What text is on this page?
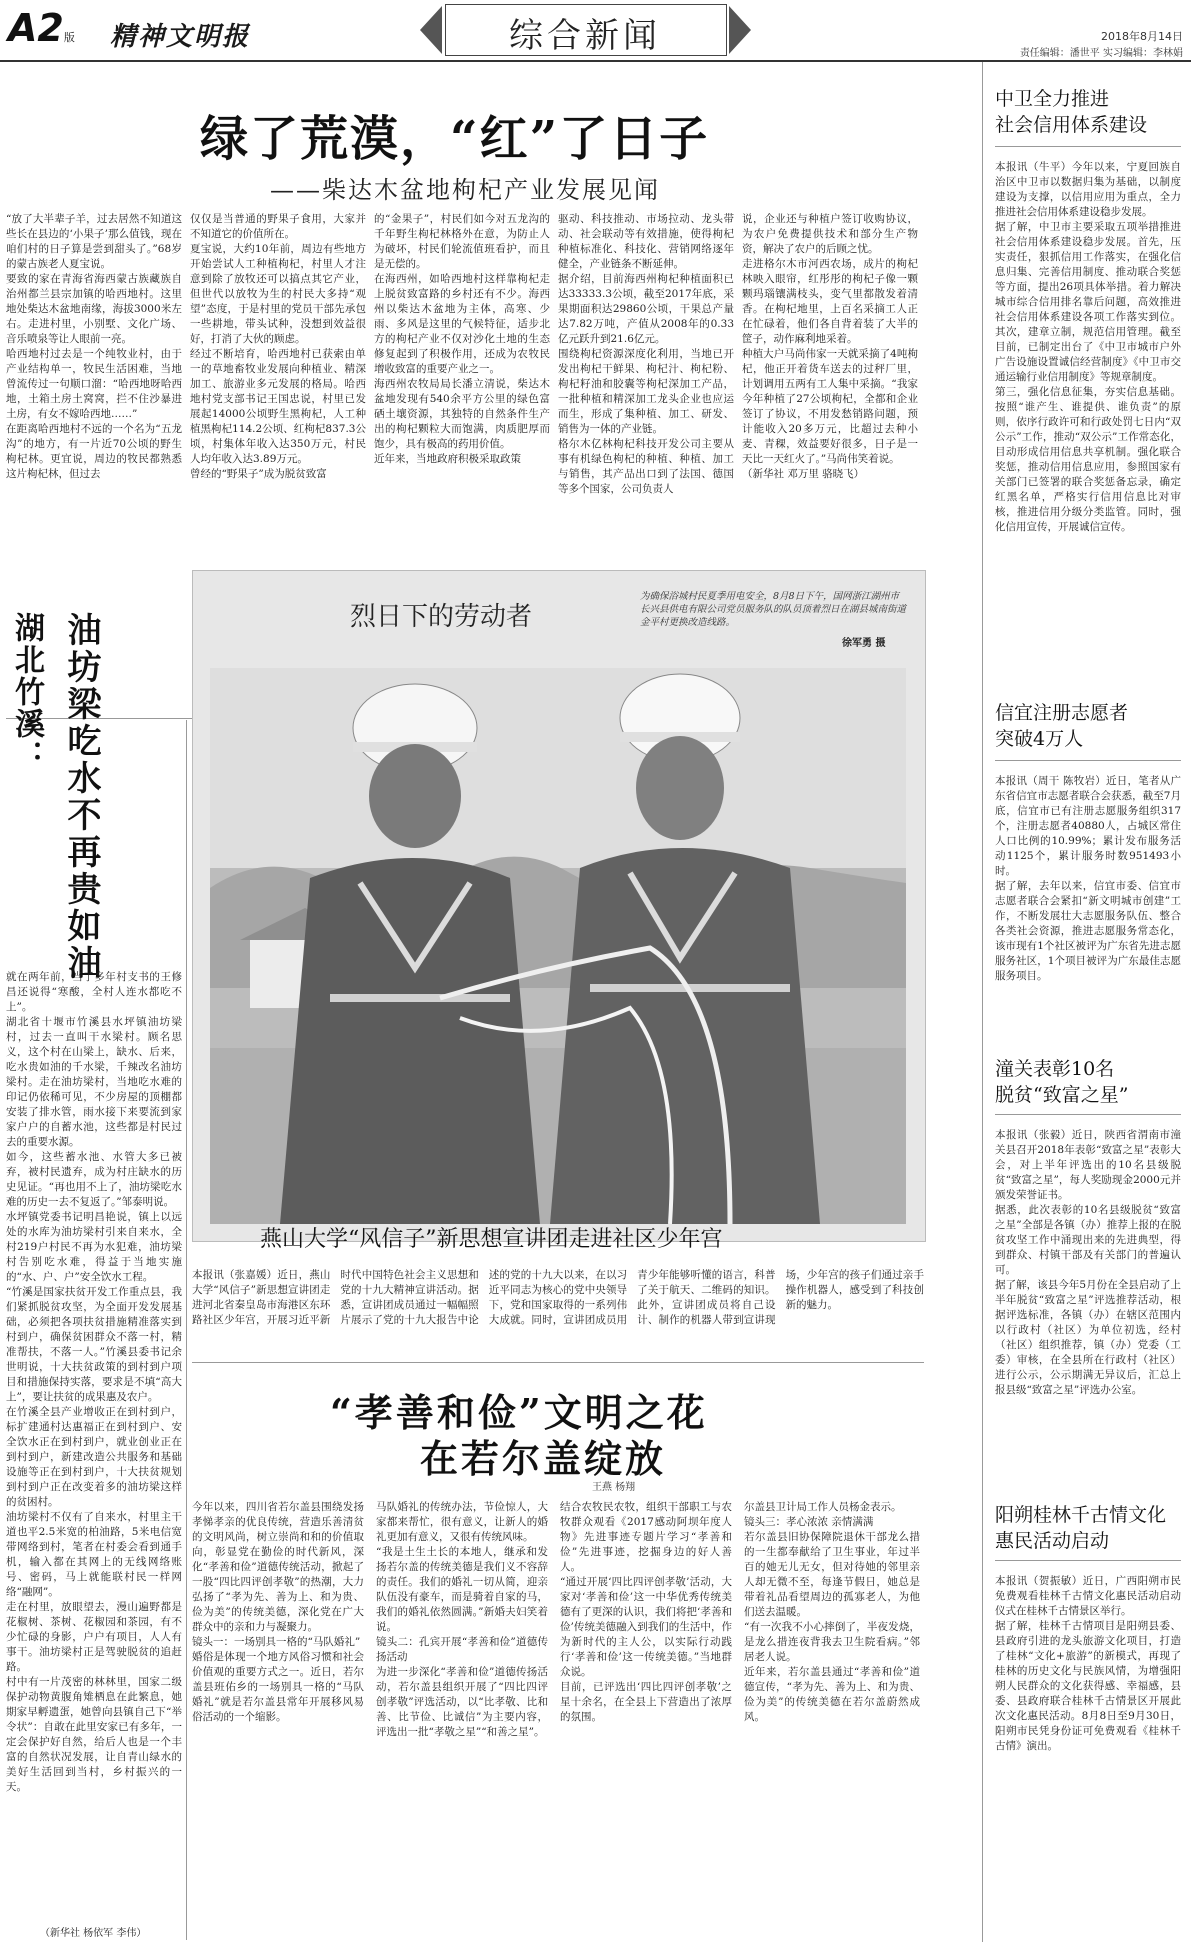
A2版 精神文明报	综合新闻	2018年8月14日
责任编辑：潘世平 实习编辑：李林娟
绿了荒漠，“红”了日子
——柴达木盆地枸杞产业发展见闻
“放了大半辈子羊，过去居然不知道这些长在县边的‘小果子’那么值钱，现在咱们村的日子算是尝到甜头了。”68岁的蒙古族老人夏宝说。
要致的家在青海省海西蒙古族藏族自治州都兰县宗加镇的哈西地村。这里地处柴达木盆地南缘，海拔3000米左右。走进村里，小别墅、文化广场、音乐喷泉等让人眼前一亮。
哈西地村过去是一个纯牧业村，由于产业结构单一，牧民生活困难，当地曾流传过一句顺口溜：“哈西地呀哈西地，土箱土房土窝窝，拦不住沙暴进土房，有女不嫁哈西地……”
在距离哈西地村不远的一个名为“五龙沟”的地方，有一片近70公顷的野生枸杞林。更宜说，周边的牧民都熟悉这片枸杞林，但过去
仅仅是当普通的野果子食用，大家并不知道它的价值所在。
夏宝说，大约10年前，周边有些地方开始尝试人工种植枸杞，村里人才注意到除了放牧还可以搞点其它产业，但世代以放牧为生的村民大多持“观望”态度，于是村里的党员干部先承包一些耕地，带头试种，没想到效益很好，打消了大伙的顾虑。
经过不断培育，哈西地村已获索由单一的草地畜牧业发展向种植业、精深加工、旅游业多元发展的格局。哈西地村党支部书记王国忠说，村里已发展起14000公顷野生黑枸杞，人工种植黑枸杞114.2公顷、红枸杞837.3公顷，村集体年收入达350万元，村民人均年收入达3.89万元。
曾经的“野果子”成为脱贫致富
的“金果子”，村民们如今对五龙沟的千年野生枸杞林格外在意，为防止人为破坏，村民们轮流值班看护，而且是无偿的。
在海西州，如哈西地村这样靠枸杞走上脱贫致富路的乡村还有不少。海西州以柴达木盆地为主体，高寒、少雨、多风是这里的气候特征，适步北方的枸杞产业不仅对沙化土地的生态修复起到了积极作用，还成为农牧民增收致富的重要产业之一。
海西州农牧局局长潘立清说，柴达木盆地发现有540余平方公里的绿色富硒土壤资源，其独特的自然条件生产出的枸杞颗粒大而饱满，肉质肥厚而饱少，具有极高的药用价值。
近年来，当地政府积极采取政策
驱动、科技推动、市场拉动、龙头带动、社会联动等有效措施，使得枸杞种植标准化、科技化、营销网络逐年健全，产业链条不断延伸。
据介绍，目前海西州枸杞种植面积已达33333.3公顷，截至2017年底，采果期面积达29860公顷，干果总产量达7.82万吨，产值从2008年的0.33亿元跃升到21.6亿元。
围绕枸杞资源深度化利用，当地已开发出枸杞干鲜果、枸杞汁、枸杞粉、枸杞籽油和胶囊等枸杞深加工产品，一批种植和精深加工龙头企业也应运而生，形成了集种植、加工、研发、销售为一体的产业链。
格尔木亿林枸杞科技开发公司主要从事有机绿色枸杞的种植、种植、加工与销售，其产品出口到了法国、德国等多个国家，公司负责人
说，企业还与种植户签订收购协议，为农户免费提供技术和部分生产物资，解决了农户的后顾之忧。
走进格尔木市河西农场，成片的枸杞林映入眼帘，红彤彤的枸杞子像一颗颗玛瑙镶满枝头，变气里都散发着清香。在枸杞地里，上百名采摘工人正在忙碌着，他们各自背着装了大半的筐子，动作麻利地采着。
种植大户马尚伟家一天就采摘了4吨枸杞，他正开着货车送去的过秤厂里，计划调用五两有工人集中采摘。“我家今年种植了27公顷枸杞，全都和企业签订了协议，不用发愁销路问题，预计能收入20多万元，比超过去种小麦、青稞，效益要好很多，日子是一天比一天红火了。”马尚伟笑着说。
（新华社 邓万里 骆晓飞）
烈日下的劳动者
为确保浴城村民夏季用电安全，8月8日下午，国网浙江湖州市长兴县供电有限公司党员服务队的队员顶着烈日在湖县城南街道金平村更换改造线路。
徐军勇 摄
湖北竹溪： 油坊梁吃水不再贵如油
就在两年前，当了多年村支书的王修昌还说得“寒酸，全村人连水都吃不上”。
湖北省十堰市竹溪县水坪镇油坊梁村，过去一直叫干水梁村。顾名思义，这个村在山梁上，缺水、后来，吃水贵如油的千水梁，千辣改名油坊梁村。走在油坊梁村，当地吃水难的印记仍依稀可见，不少房屋的顶棚都安装了排水管，雨水接下来要流到家家户户的自蓄水池，这些都是村民过去的重要水源。
如今，这些蓄水池、水管大多已被弃，被村民遗弃，成为村庄缺水的历史见证。“再也用不上了，油坊梁吃水难的历史一去不复返了。”邹泰明说。
水坪镇党委书记明昌艳说，镇上以远处的水库为油坊梁村引来自来水，全村219户村民不再为水犯难，油坊梁村告别吃水难，得益于当地实施的“水、户、户”安全饮水工程。
“竹溪是国家扶贫开发工作重点县，我们紧抓脱贫攻坚，为全面开发发展基础，必须把各项扶贫措施精准落实到村到户，确保贫困群众不落一村，精准帮扶，不落一人。”竹溪县委书记余世明说，十大扶贫政策的到村到户项目和措施保持实落，要求是不填“高大上”，要让扶贫的成果惠及农户。
在竹溪全县产业增收正在到村到户，标扩建通村达惠福正在到村到户、安全饮水正在到村到户，就业创业正在到村到户，新建改造公共服务和基础设施等正在到村到户，十大扶贫规划到村到户正在改变着多的油坊梁这样的贫困村。
油坊梁村不仅有了自来水，村里主干道也平2.5米宽的柏油路，5米电信宽带网络到村，笔者在村委会看到通手机，输入都在其网上的无线网络账号、密码，马上就能联村民一样网络“融网”。
走在村里，放眼望去，漫山遍野都是花椒树、茶树、花椒园和茶园，有不少忙碌的身影，户户有项目，人人有事干。油坊梁村正是驾驶脱贫的追赶路。
村中有一片茂密的林林里，国家二级保护动物黄腹角雉栖息在此繁息，她期家早孵遗蛋，她曾向县镇自己下“举令状”：自敢在此里安家已有多年，一定会保护好自然，给后人也是一个丰富的自然状况发展，让自青山绿水的美好生活回到当村，乡村振兴的一天。
（新华社 杨依军 李伟）
燕山大学“风信子”新思想宣讲团走进社区少年宫
本报讯（张嘉媛）近日，燕山大学“风信子”新思想宣讲团走进河北省秦皇岛市海港区东环路社区少年宫，开展习近平新时代中国特色社会主义思想和党的十九大精神宣讲活动。据悉，宣讲团成员通过一幅幅照片展示了党的十九大报告中论述的党的十九大以来，在以习近平同志为核心的党中央领导下，党和国家取得的一系列伟大成就。同时，宣讲团成员用青少年能够听懂的语言，科普了关于航天、二维码的知识。此外，宣讲团成员将自己设计、制作的机器人带到宣讲现场，少年宫的孩子们通过亲手操作机器人，感受到了科技创新的魅力。
“孝善和俭”文明之花
在若尔盖绽放
王燕 杨翔
今年以来，四川省若尔盖县围绕发扬孝悌孝亲的优良传统，营造乐善清贫的文明风尚，树立崇尚和和的价值取向，彰显党在勤俭的时代新风，深化“孝善和俭”道德传统活动，掀起了一股“四比四评创孝敬”的热潮，大力弘扬了“孝为先、善为上、和为贵、俭为美”的传统美德，深化党在广大群众中的亲和力与凝聚力。
镜头一：一场别具一格的“马队婚礼”
婚俗是体现一个地方风俗习惯和社会价值观的重要方式之一。近日，若尔盖县班佑乡的一场别具一格的“马队婚礼”就是若尔盖县常年开展移风易俗活动的一个缩影。
马队婚礼的传统办法，节俭惊人，大家都来帮忙，很有意义，让新人的婚礼更加有意义，又很有传统风味。
“我是土生土长的本地人，继承和发扬若尔盖的传统美德是我们义不容辞的责任。我们的婚礼一切从简，迎亲队伍没有豪车，而是骑着自家的马，我们的婚礼依然圆满。”新婚夫妇笑着说。
镜头二：孔宾开展“孝善和俭”道德传扬活动
为进一步深化“孝善和俭”道德传扬活动，若尔盖县组织开展了“四比四评创孝敬”评选活动，以“比孝敬、比和善、比节俭、比诚信”为主要内容，评选出一批“孝敬之星”“和善之星”。
结合农牧民农牧，组织干部职工与农牧群众观看《2017感动阿坝年度人物》先进事迹专题片学习“孝善和俭”先进事迹，挖掘身边的好人善人。
“通过开展‘四比四评创孝敬’活动，大家对‘孝善和俭’这一中华优秀传统美德有了更深的认识，我们将把‘孝善和俭’传统美德融入到我们的生活中，作为新时代的主人公，以实际行动践行‘孝善和俭’这一传统美德。”当地群众说。
目前，已评选出‘四比四评创孝敬’之星十余名，在全县上下营造出了浓厚的氛围。
尔盖县卫计局工作人员杨金表示。
镜头三：孝心浓浓 亲情满满
若尔盖县旧协保障院退休干部龙么措的一生都奉献给了卫生事业，年过半百的她无儿无女，但对待她的邻里亲人却无微不至，每逢节假日，她总是带着礼品看望周边的孤寡老人，为他们送去温暖。
“有一次我不小心摔倒了，半夜发烧，是龙么措连夜背我去卫生院看病。”邻居老人说。
近年来，若尔盖县通过“孝善和俭”道德宣传，“孝为先、善为上、和为贵、俭为美”的传统美德在若尔盖蔚然成风。
中卫全力推进
社会信用体系建设
本报讯（牛平）今年以来，宁夏回族自治区中卫市以数据归集为基础，以制度建设为支撑，以信用应用为重点，全力推进社会信用体系建设稳步发展。
据了解，中卫市主要采取五项举措推进社会信用体系建设稳步发展。首先，压实责任，狠抓信用工作落实，在强化信息归集、完善信用制度、推动联合奖惩等方面，提出26项具体举措。着力解决城市综合信用排名靠后问题，高效推进社会信用体系建设各项工作落实到位。其次，建章立制，规范信用管理。截至目前，已制定出台了《中卫市城市户外广告设施设置诚信经营制度》《中卫市交通运输行业信用制度》等规章制度。
第三，强化信息征集，夯实信息基础。按照“谁产生、谁提供、谁负责”的原则，依序行政许可和行政处罚七日内“双公示”工作，推动“双公示”工作常态化，目动形成信用信息共享机制。强化联合奖惩，推动信用信息应用，参照国家有关部门已签署的联合奖惩备忘录，确定红黑名单，严格实行信用信息比对审核，推进信用分级分类监管。同时，强化信用宣传，开展诚信宣传。
信宜注册志愿者
突破4万人
本报讯（周干 陈牧岩）近日，笔者从广东省信宜市志愿者联合会获悉，截至7月底，信宜市已有注册志愿服务组织317个，注册志愿者40880人，占城区常住人口比例的10.99%；累计发布服务活动1125个，累计服务时数951493小时。
据了解，去年以来，信宜市委、信宜市志愿者联合会紧扣“新文明城市创建”工作，不断发展壮大志愿服务队伍、整合各类社会资源，推进志愿服务常态化，该市现有1个社区被评为广东省先进志愿服务社区，1个项目被评为广东最佳志愿服务项目。
潼关表彰10名
脱贫“致富之星”
本报讯（张毅）近日，陕西省渭南市潼关县召开2018年表彰“致富之星”表彰大会，对上半年评选出的10名县级脱贫“致富之星”，每人奖励现金2000元并颁发荣誉证书。
据悉，此次表彰的10名县级脱贫“致富之星”全部是各镇（办）推荐上报的在脱贫攻坚工作中涌现出来的先进典型，得到群众、村镇干部及有关部门的普遍认可。
据了解，该县今年5月份在全县启动了上半年脱贫“致富之星”评选推荐活动，根据评选标准，各镇（办）在辖区范围内以行政村（社区）为单位初选，经村（社区）组织推荐，镇（办）党委（工委）审核，在全县所在行政村（社区）进行公示，公示期满无异议后，汇总上报县级“致富之星”评选办公室。
阳朔桂林千古情文化
惠民活动启动
本报讯（贺振敏）近日，广西阳朔市民免费观看桂林千古情文化惠民活动启动仪式在桂林千古情景区举行。
据了解，桂林千古情项目是阳朔县委、县政府引进的龙头旅游文化项目，打造了桂林“文化+旅游”的新模式，再现了桂林的历史文化与民族风情，为增强阳朔人民群众的文化获得感、幸福感，县委、县政府联合桂林千古情景区开展此次文化惠民活动。8月8日至9月30日，阳朔市民凭身份证可免费观看《桂林千古情》演出。
